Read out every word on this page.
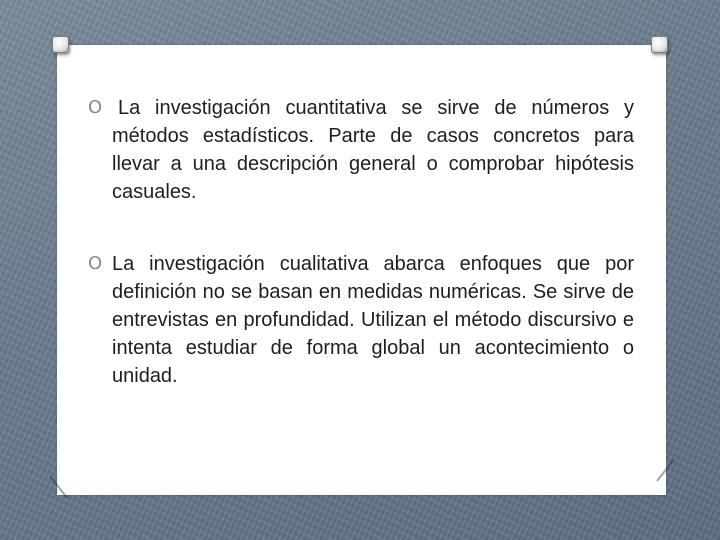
O La investigación cuantitativa se sirve de números y métodos estadísticos. Parte de casos concretos para llevar a una descripción general o comprobar hipótesis casuales.
O La investigación cualitativa abarca enfoques que por definición no se basan en medidas numéricas. Se sirve de entrevistas en profundidad. Utilizan el método discursivo e intenta estudiar de forma global un acontecimiento o unidad.
